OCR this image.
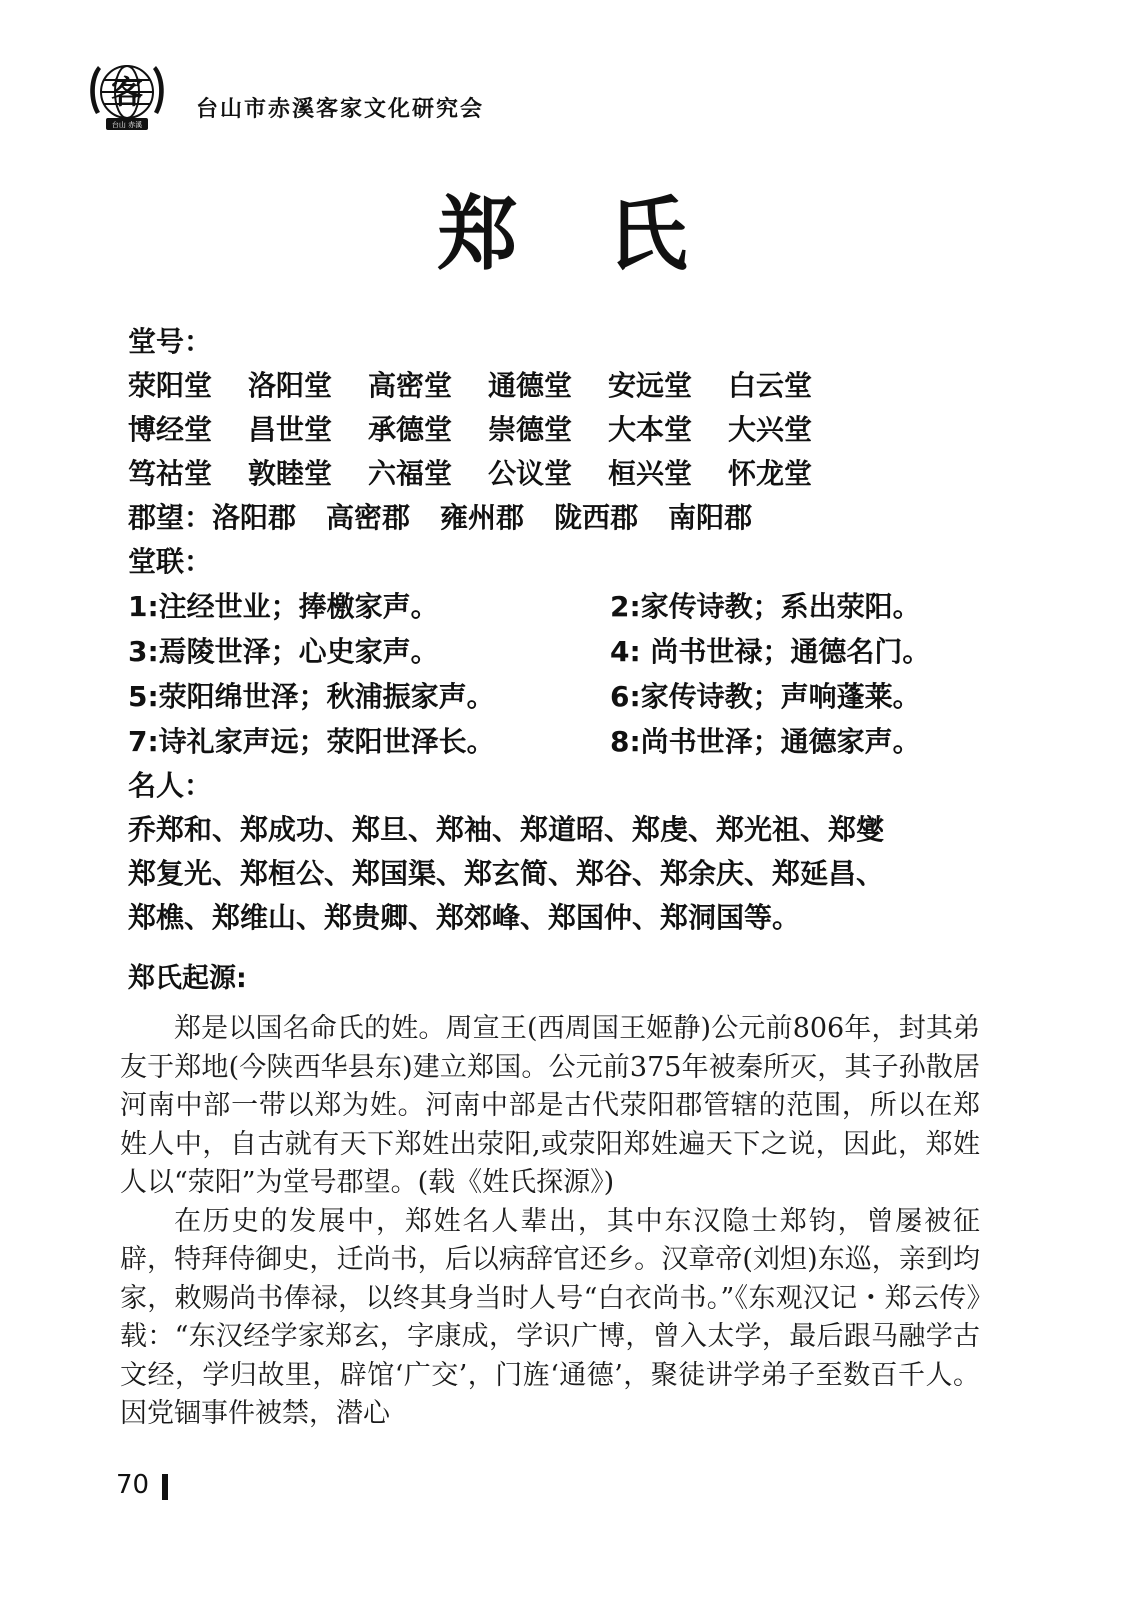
客
台山 赤溪
台山市赤溪客家文化研究会
郑氏
堂号：
荥阳堂	洛阳堂	高密堂	通德堂	安远堂	白云堂
博经堂	昌世堂	承德堂	崇德堂	大本堂	大兴堂
笃祜堂	敦睦堂	六福堂	公议堂	桓兴堂	怀龙堂
郡望： 洛阳郡 高密郡 雍州郡 陇西郡 南阳郡
堂联：
1:注经世业；捧檄家声。	2:家传诗教；系出荥阳。
3:焉陵世泽；心史家声。	4: 尚书世禄；通德名门。
5:荥阳绵世泽；秋浦振家声。	6:家传诗教；声响蓬莱。
7:诗礼家声远；荥阳世泽长。	8:尚书世泽；通德家声。
名人：
乔郑和、郑成功、郑旦、郑袖、郑道昭、郑虔、郑光祖、郑燮
郑复光、郑桓公、郑国渠、郑玄简、郑谷、郑余庆、郑延昌、
郑樵、郑维山、郑贵卿、郑郊峰、郑国仲、郑洞国等。
郑氏起源:

郑是以国名命氏的姓。周宣王(西周国王姬静)公元前806年，封其弟友于郑地(今陕西华县东)建立郑国。公元前375年被秦所灭，其子孙散居河南中部一带以郑为姓。河南中部是古代荥阳郡管辖的范围，所以在郑姓人中，自古就有天下郑姓出荥阳,或荥阳郑姓遍天下之说，因此，郑姓人以“荥阳”为堂号郡望。(载《姓氏探源》)

在历史的发展中，郑姓名人辈出，其中东汉隐士郑钧，曾屡被征辟，特拜侍御史，迁尚书，后以病辞官还乡。汉章帝(刘炟)东巡，亲到均家，敕赐尚书俸禄，以终其身当时人号“白衣尚书。”《东观汉记・郑云传》载：“东汉经学家郑玄，字康成，学识广博，曾入太学，最后跟马融学古文经，学归故里，辟馆‘广交’，门旌‘通德’，聚徒讲学弟子至数百千人。因党锢事件被禁，潜心

70
